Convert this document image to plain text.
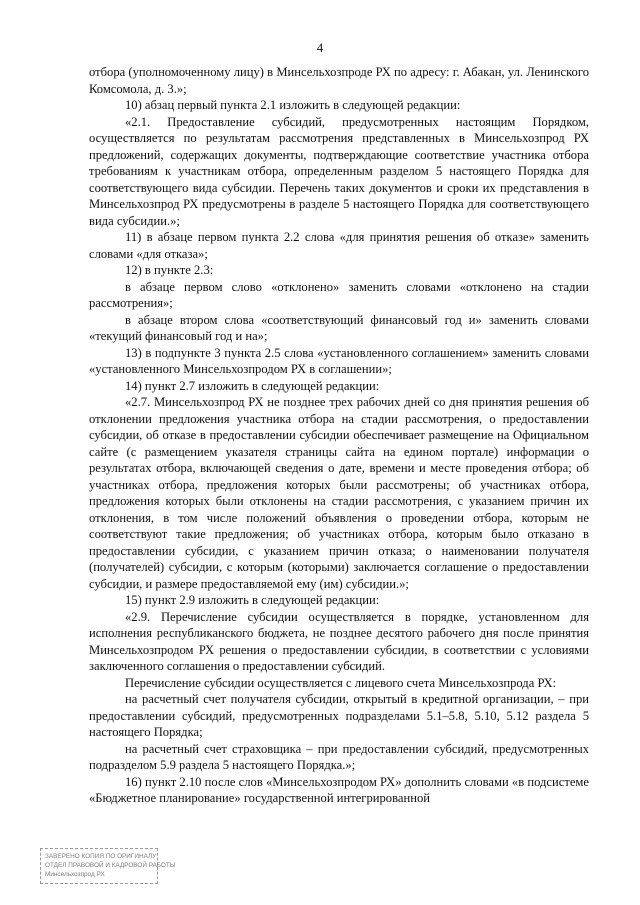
4

отбора (уполномоченному лицу) в Минсельхозпроде РХ по адресу: г. Абакан, ул. Ленинского Комсомола, д. 3.»;

10) абзац первый пункта 2.1 изложить в следующей редакции:

«2.1. Предоставление субсидий, предусмотренных настоящим Порядком, осуществляется по результатам рассмотрения представленных в Минсельхозпрод РХ предложений, содержащих документы, подтверждающие соответствие участника отбора требованиям к участникам отбора, определенным разделом 5 настоящего Порядка для соответствующего вида субсидии. Перечень таких документов и сроки их представления в Минсельхозпрод РХ предусмотрены в разделе 5 настоящего Порядка для соответствующего вида субсидии.»;

11) в абзаце первом пункта 2.2 слова «для принятия решения об отказе» заменить словами «для отказа»;

12) в пункте 2.3:

в абзаце первом слово «отклонено» заменить словами «отклонено на стадии рассмотрения»;

в абзаце втором слова «соответствующий финансовый год и» заменить словами «текущий финансовый год и на»;

13) в подпункте 3 пункта 2.5 слова «установленного соглашением» заменить словами «установленного Минсельхозпродом РХ в соглашении»;

14) пункт 2.7 изложить в следующей редакции:

«2.7. Минсельхозпрод РХ не позднее трех рабочих дней со дня принятия решения об отклонении предложения участника отбора на стадии рассмотрения, о предоставлении субсидии, об отказе в предоставлении субсидии обеспечивает размещение на Официальном сайте (с размещением указателя страницы сайта на едином портале) информации о результатах отбора, включающей сведения о дате, времени и месте проведения отбора; об участниках отбора, предложения которых были рассмотрены; об участниках отбора, предложения которых были отклонены на стадии рассмотрения, с указанием причин их отклонения, в том числе положений объявления о проведении отбора, которым не соответствуют такие предложения; об участниках отбора, которым было отказано в предоставлении субсидии, с указанием причин отказа; о наименовании получателя (получателей) субсидии, с которым (которыми) заключается соглашение о предоставлении субсидии, и размере предоставляемой ему (им) субсидии.»;

15) пункт 2.9 изложить в следующей редакции:

«2.9. Перечисление субсидии осуществляется в порядке, установленном для исполнения республиканского бюджета, не позднее десятого рабочего дня после принятия Минсельхозпродом РХ решения о предоставлении субсидии, в соответствии с условиями заключенного соглашения о предоставлении субсидий.

Перечисление субсидии осуществляется с лицевого счета Минсельхозпрода РХ:

на расчетный счет получателя субсидии, открытый в кредитной организации, – при предоставлении субсидий, предусмотренных подразделами 5.1–5.8, 5.10, 5.12 раздела 5 настоящего Порядка;

на расчетный счет страховщика – при предоставлении субсидий, предусмотренных подразделом 5.9 раздела 5 настоящего Порядка.»;

16) пункт 2.10 после слов «Минсельхозпродом РХ» дополнить словами «в подсистеме «Бюджетное планирование» государственной интегрированной

ЗАВЕРЕНО КОПИЯ ПО ОРИГИНАЛУ
ОТДЕЛ ПРАВОВОЙ И КАДРОВОЙ РАБОТЫ
Минсельхозпрод РХ
